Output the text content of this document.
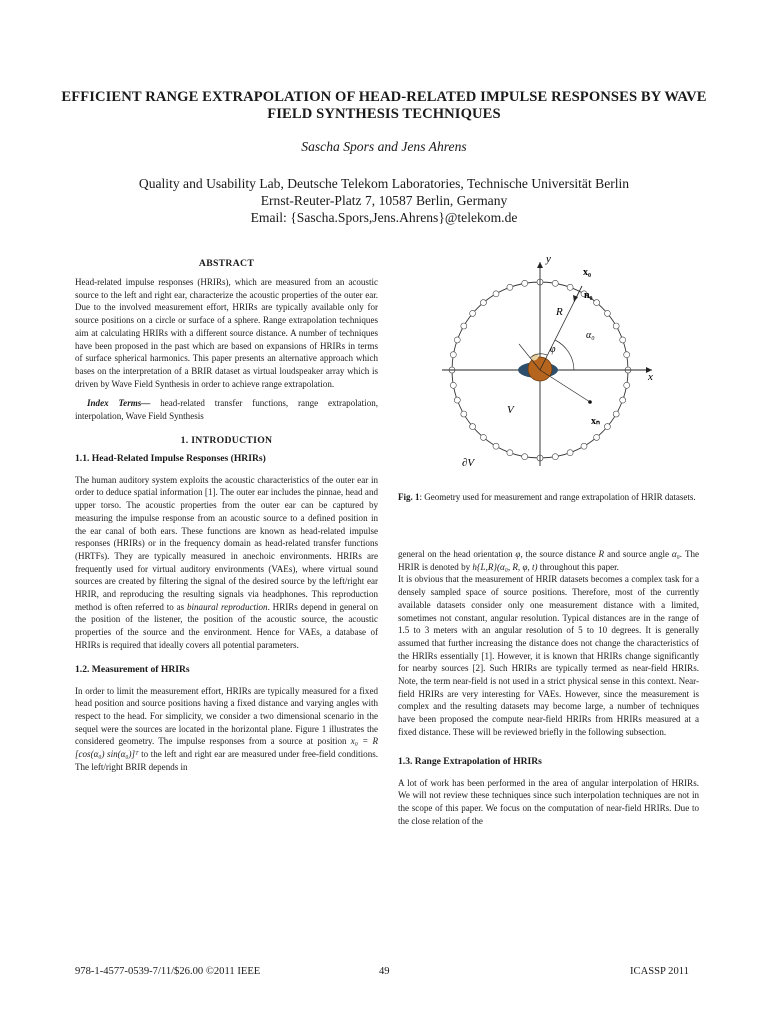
EFFICIENT RANGE EXTRAPOLATION OF HEAD-RELATED IMPULSE RESPONSES BY WAVE FIELD SYNTHESIS TECHNIQUES
Sascha Spors and Jens Ahrens
Quality and Usability Lab, Deutsche Telekom Laboratories, Technische Universität Berlin
Ernst-Reuter-Platz 7, 10587 Berlin, Germany
Email: {Sascha.Spors,Jens.Ahrens}@telekom.de
ABSTRACT

Head-related impulse responses (HRIRs), which are measured from an acoustic source to the left and right ear, characterize the acoustic properties of the outer ear. Due to the involved measurement effort, HRIRs are typically available only for source positions on a circle or surface of a sphere. Range extrapolation techniques aim at calculating HRIRs with a different source distance. A number of techniques have been proposed in the past which are based on expansions of HRIRs in terms of surface spherical harmonics. This paper presents an alternative approach which bases on the interpretation of a BRIR dataset as virtual loudspeaker array which is driven by Wave Field Synthesis in order to achieve range extrapolation.

Index Terms— head-related transfer functions, range extrapolation, interpolation, Wave Field Synthesis

1. INTRODUCTION
1.1. Head-Related Impulse Responses (HRIRs)

The human auditory system exploits the acoustic characteristics of the outer ear in order to deduce spatial information [1]. The outer ear includes the pinnae, head and upper torso. The acoustic properties from the outer ear can be captured by measuring the impulse response from an acoustic source to a defined position in the ear canal of both ears. These functions are known as head-related impulse responses (HRIRs) or in the frequency domain as head-related transfer functions (HRTFs). They are typically measured in anechoic environments. HRIRs are frequently used for virtual auditory environments (VAEs), where virtual sound sources are created by filtering the signal of the desired source by the left/right ear HRIR, and reproducing the resulting signals via headphones. This reproduction method is often referred to as binaural reproduction. HRIRs depend in general on the position of the listener, the position of the acoustic source, the acoustic properties of the source and the environment. Hence for VAEs, a database of HRIRs is required that ideally covers all potential parameters.

1.2. Measurement of HRIRs

In order to limit the measurement effort, HRIRs are typically measured for a fixed head position and source positions having a fixed distance and varying angles with respect to the head. For simplicity, we consider a two dimensional scenario in the sequel were the sources are located in the horizontal plane. Figure 1 illustrates the considered geometry. The impulse responses from a source at position x₀ = R [cos(α₀) sin(α₀)]ᵀ to the left and right ear are measured under free-field conditions. The left/right BRIR depends in

y
x
x₀
n₀
R
α₀
φ
V
∂V
xₙ
Fig. 1: Geometry used for measurement and range extrapolation of HRIR datasets.

general on the head orientation φ, the source distance R and source angle α₀. The HRIR is denoted by h{L,R}(α₀, R, φ, t) throughout this paper.

It is obvious that the measurement of HRIR datasets becomes a complex task for a densely sampled space of source positions. Therefore, most of the currently available datasets consider only one measurement distance with a limited, sometimes not constant, angular resolution. Typical distances are in the range of 1.5 to 3 meters with an angular resolution of 5 to 10 degrees. It is generally assumed that further increasing the distance does not change the characteristics of the HRIRs essentially [1]. However, it is known that HRIRs change significantly for nearby sources [2]. Such HRIRs are typically termed as near-field HRIRs. Note, the term near-field is not used in a strict physical sense in this context. Near-field HRIRs are very interesting for VAEs. However, since the measurement is complex and the resulting datasets may become large, a number of techniques have been proposed the compute near-field HRIRs from HRIRs measured at a fixed distance. These will be reviewed briefly in the following subsection.

1.3. Range Extrapolation of HRIRs

A lot of work has been performed in the area of angular interpolation of HRIRs. We will not review these techniques since such interpolation techniques are not in the scope of this paper. We focus on the computation of near-field HRIRs. Due to the close relation of the

978-1-4577-0539-7/11/$26.00 ©2011 IEEE	49	ICASSP 2011
